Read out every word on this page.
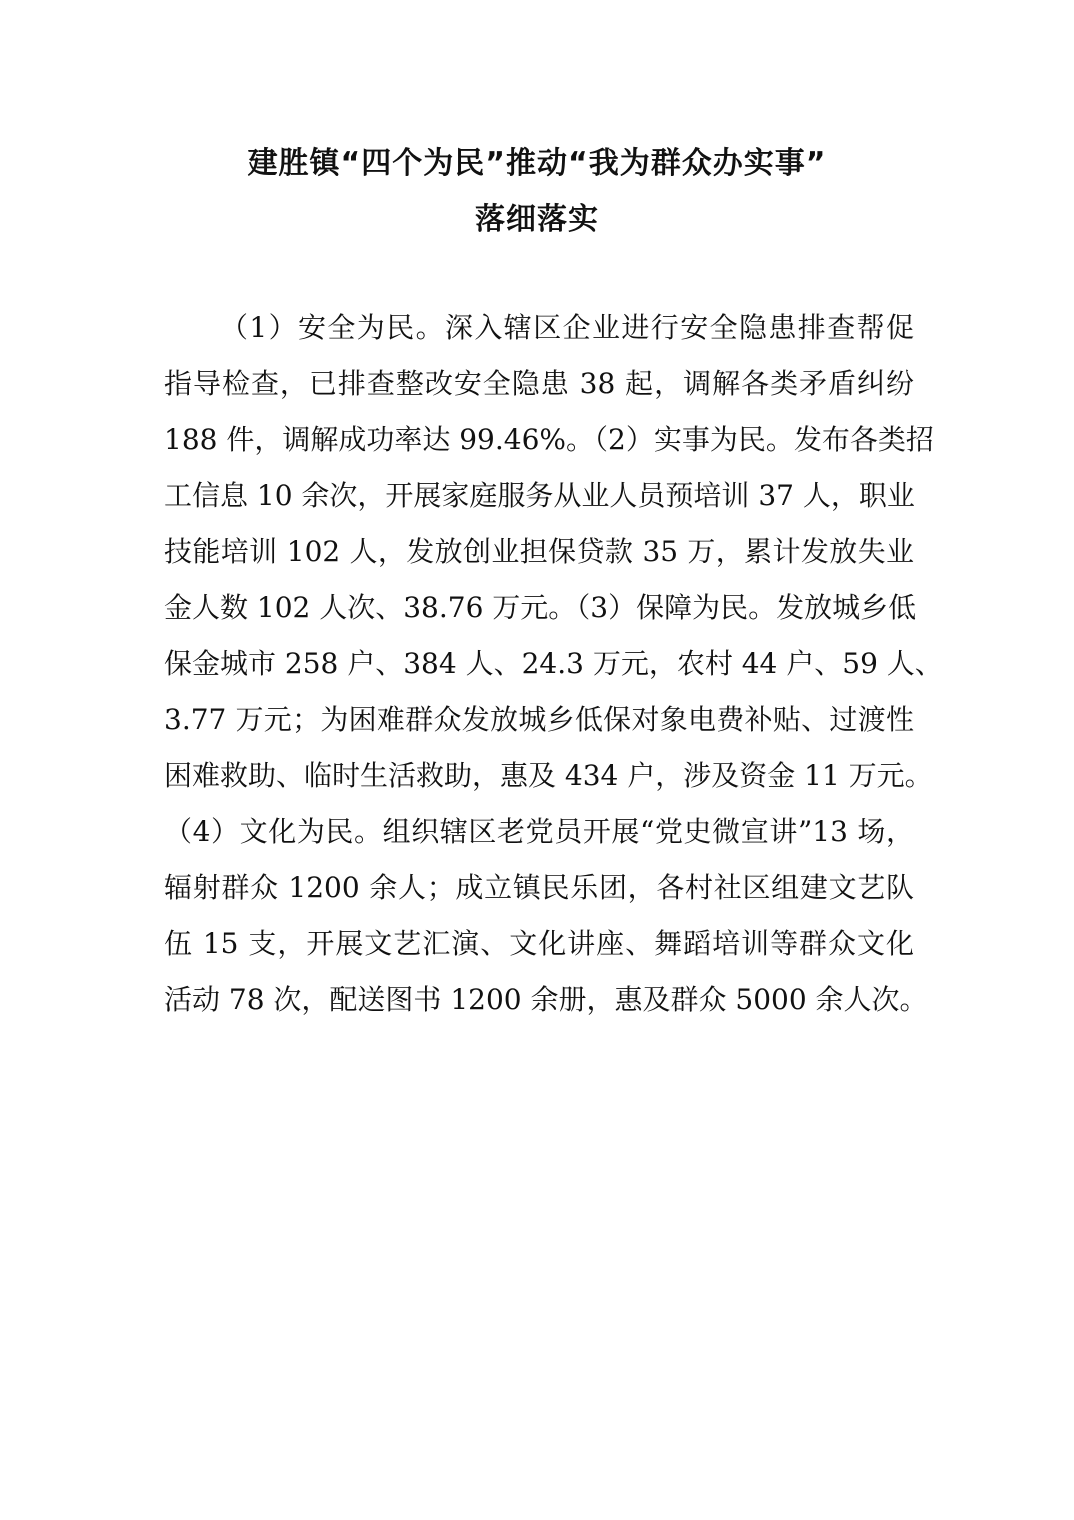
建胜镇“四个为民”推动“我为群众办实事”
落细落实
（1）安全为民。深入辖区企业进行安全隐患排查帮促
指导检查，已排查整改安全隐患 38 起，调解各类矛盾纠纷
188 件，调解成功率达 99.46%。（2）实事为民。发布各类招
工信息 10 余次，开展家庭服务从业人员预培训 37 人，职业
技能培训 102 人，发放创业担保贷款 35 万，累计发放失业
金人数 102 人次、38.76 万元。（3）保障为民。发放城乡低
保金城市 258 户、384 人、24.3 万元，农村 44 户、59 人、
3.77 万元；为困难群众发放城乡低保对象电费补贴、过渡性
困难救助、临时生活救助，惠及 434 户，涉及资金 11 万元。
（4）文化为民。组织辖区老党员开展“党史微宣讲”13 场，
辐射群众 1200 余人；成立镇民乐团，各村社区组建文艺队
伍 15 支，开展文艺汇演、文化讲座、舞蹈培训等群众文化
活动 78 次，配送图书 1200 余册，惠及群众 5000 余人次。
